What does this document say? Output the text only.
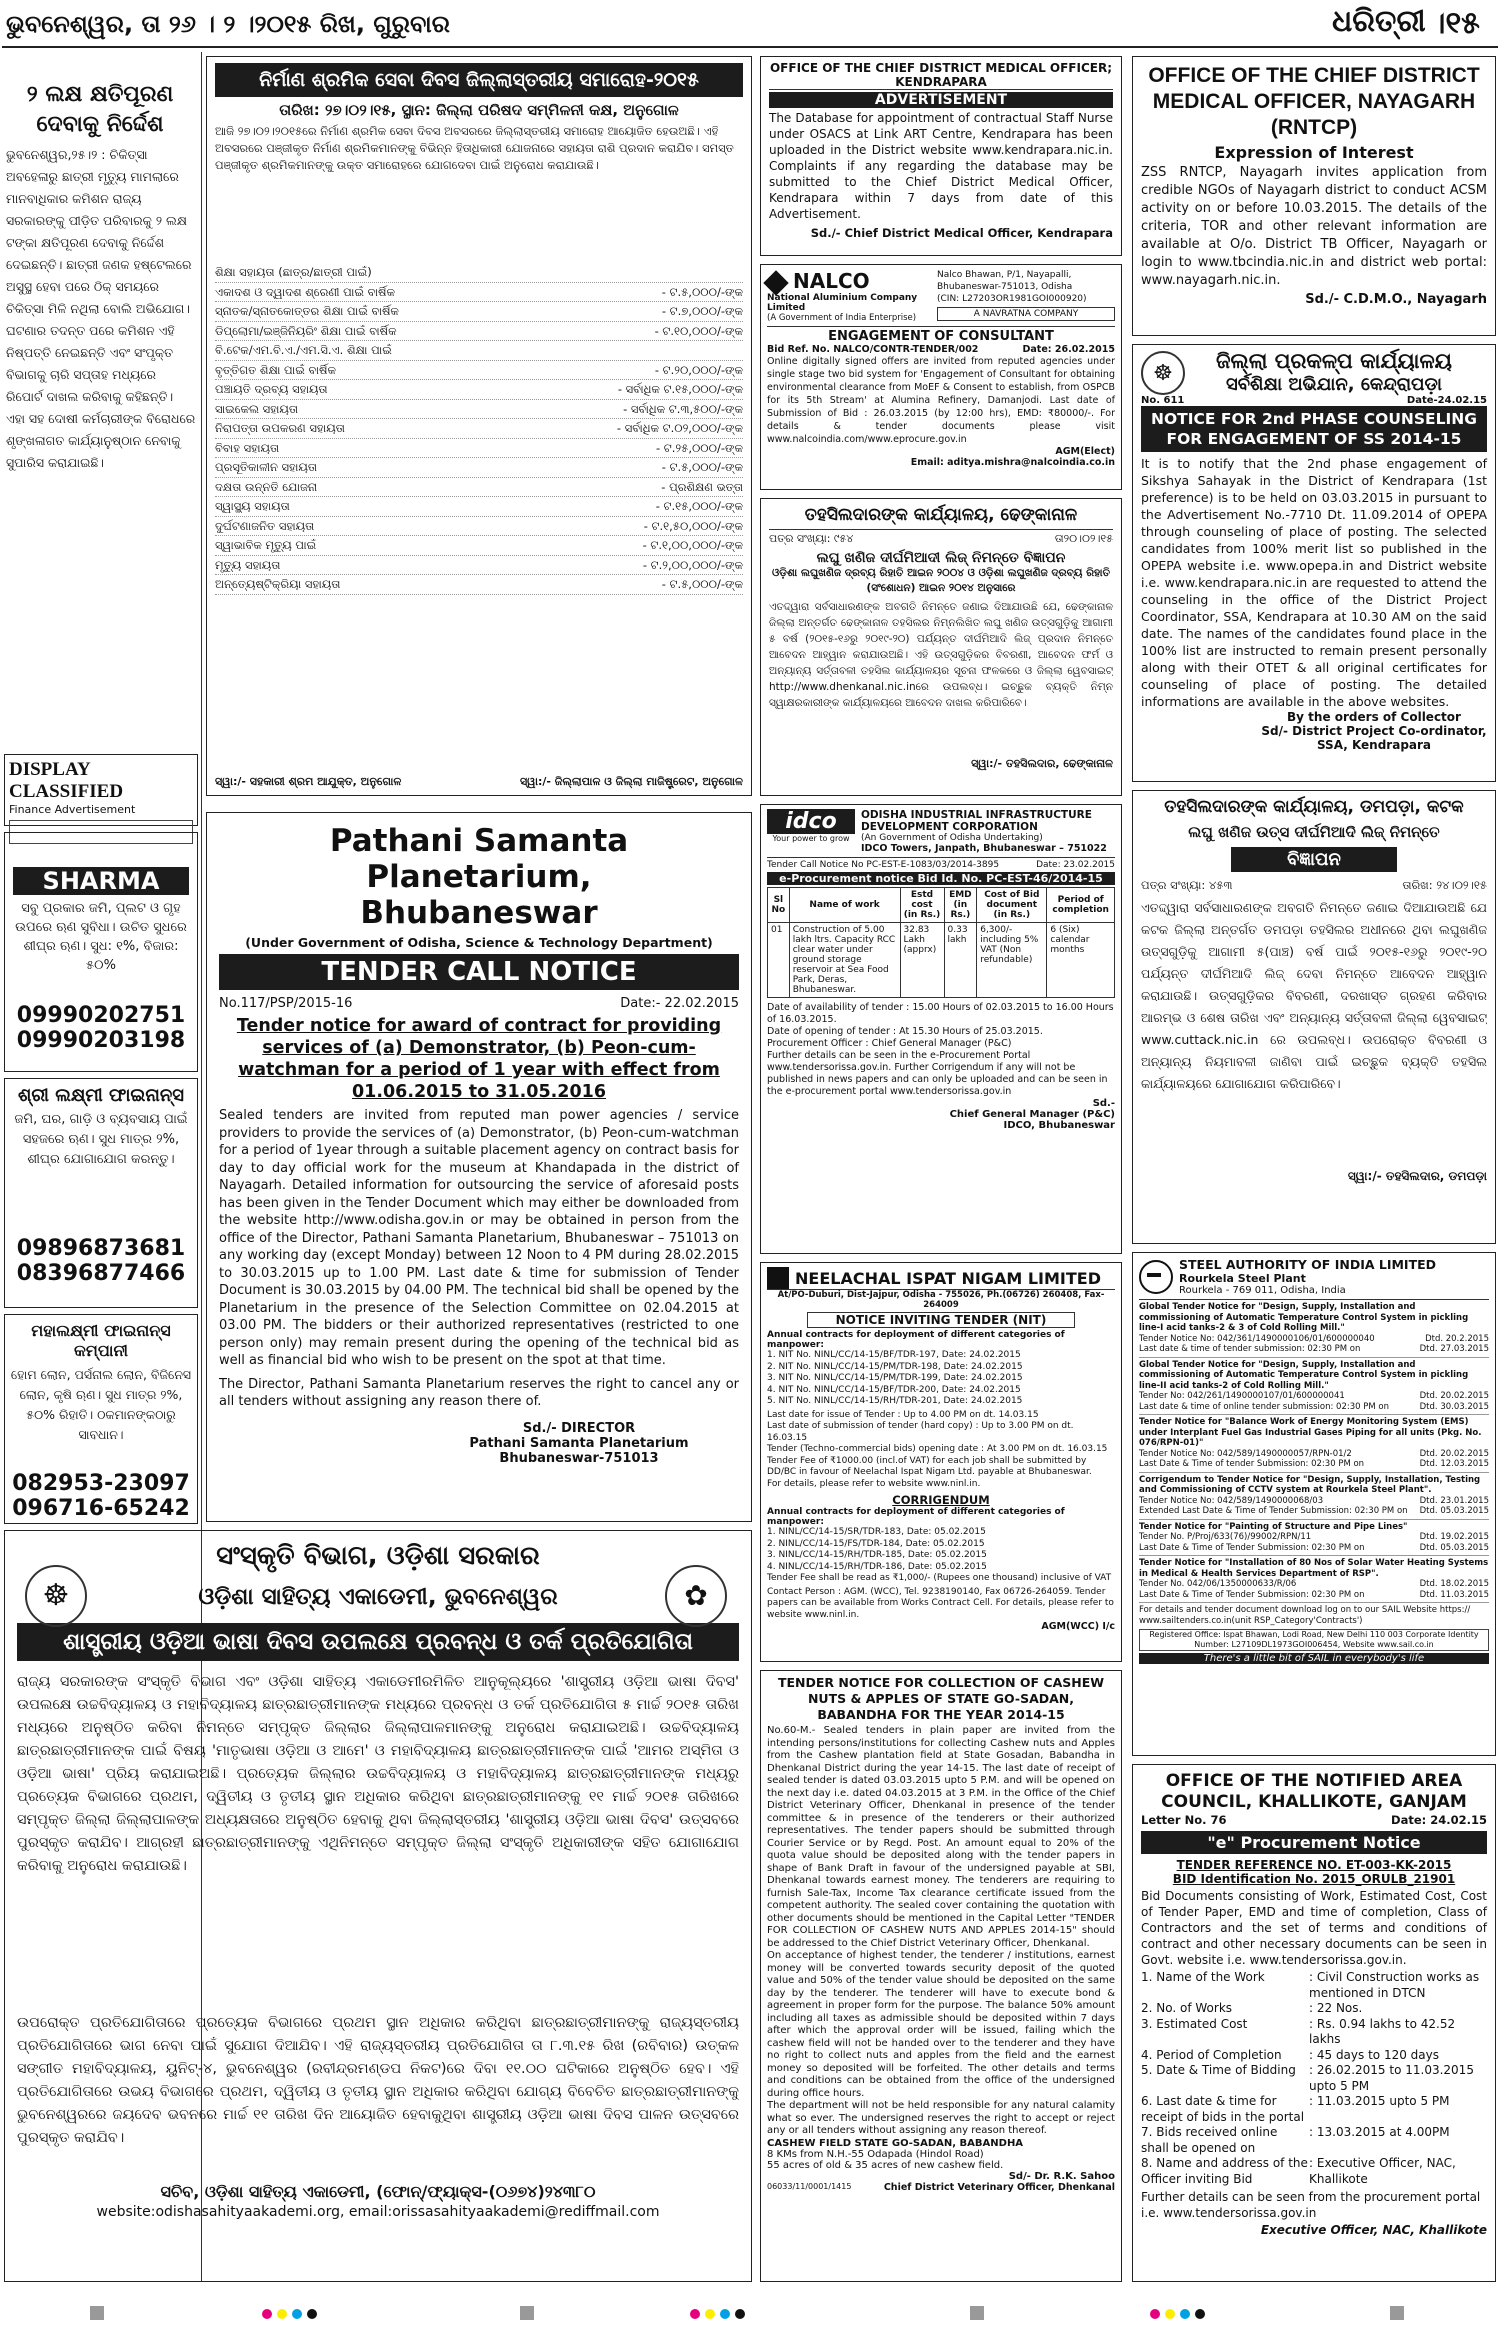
ଭୁବନେଶ୍ୱର, ତା ୨୬ । ୨ ।୨୦୧୫ ରିଖ, ଗୁରୁବାର	ଧରିତ୍ରୀ ।୧୫
୨ ଲକ୍ଷ କ୍ଷତିପୂରଣ
ଦେବାକୁ ନିର୍ଦ୍ଦେଶ
ଭୁବନେଶ୍ୱର,୨୫।୨ : ଚିକିତ୍ସା ଅବହେଳାରୁ ଛାତ୍ରୀ ମୃତ୍ୟୁ ମାମଲାରେ ମାନବାଧିକାର କମିଶନ ରାଜ୍ୟ ସରକାରଙ୍କୁ ପୀଡ଼ିତ ପରିବାରକୁ ୨ ଲକ୍ଷ ଟଙ୍କା କ୍ଷତିପୂରଣ ଦେବାକୁ ନିର୍ଦ୍ଦେଶ ଦେଇଛନ୍ତି। ଛାତ୍ରୀ ଜଣକ ହଷ୍ଟେଲରେ ଅସୁସ୍ଥ ହେବା ପରେ ଠିକ୍ ସମୟରେ ଚିକିତ୍ସା ମିଳି ନଥିଲା ବୋଲି ଅଭିଯୋଗ। ଘଟଣାର ତଦନ୍ତ ପରେ କମିଶନ ଏହି ନିଷ୍ପତ୍ତି ନେଇଛନ୍ତି ଏବଂ ସଂପୃକ୍ତ ବିଭାଗକୁ ଚାରି ସପ୍ତାହ ମଧ୍ୟରେ ରିପୋର୍ଟ ଦାଖଲ କରିବାକୁ କହିଛନ୍ତି। ଏହା ସହ ଦୋଷୀ କର୍ମଚାରୀଙ୍କ ବିରୋଧରେ ଶୃଙ୍ଖଳାଗତ କାର୍ଯ୍ୟାନୁଷ୍ଠାନ ନେବାକୁ ସୁପାରିସ କରାଯାଇଛି।
DISPLAY CLASSIFIED
Finance Advertisement
SHARMA
ସବୁ ପ୍ରକାର ଜମି, ପ୍ଲଟ ଓ ଗୃହ ଉପରେ ଋଣ ସୁବିଧା। ଉଚିତ ସୁଧରେ ଶୀଘ୍ର ଋଣ। ସୁଧ: ୧%, ବିଜାର: ୫୦%
09990202751
09990203198
ଶ୍ରୀ ଲକ୍ଷ୍ମୀ ଫାଇନାନ୍ସ
ଜମି, ଘର, ଗାଡ଼ି ଓ ବ୍ୟବସାୟ ପାଇଁ ସହଜରେ ଋଣ। ସୁଧ ମାତ୍ର ୨%, ଶୀଘ୍ର ଯୋଗାଯୋଗ କରନ୍ତୁ।
09896873681
08396877466
ମହାଲକ୍ଷ୍ମୀ ଫାଇନାନ୍ସ କମ୍ପାନୀ
ହୋମ ଲୋନ, ପର୍ସନାଲ ଲୋନ, ବିଜିନେସ ଲୋନ, କୃଷି ଋଣ। ସୁଧ ମାତ୍ର ୨%, ୫୦% ରିହାତି। ଠକମାନଙ୍କଠାରୁ ସାବଧାନ।
082953-23097
096716-65242
ନିର୍ମାଣ ଶ୍ରମିକ ସେବା ଦିବସ ଜିଲ୍ଲାସ୍ତରୀୟ ସମାରୋହ-୨୦୧୫
ତାରିଖ: ୨୭।୦୨।୧୫, ସ୍ଥାନ: ଜିଲ୍ଲା ପରିଷଦ ସମ୍ମିଳନୀ କକ୍ଷ, ଅନୁଗୋଳ
ଆଜି ୨୭।୦୨।୨୦୧୫ରେ ନିର୍ମାଣ ଶ୍ରମିକ ସେବା ଦିବସ ଅବସରରେ ଜିଲ୍ଲାସ୍ତରୀୟ ସମାରୋହ ଆୟୋଜିତ ହେଉଅଛି। ଏହି ଅବସରରେ ପଞ୍ଜୀକୃତ ନିର୍ମାଣ ଶ୍ରମିକମାନଙ୍କୁ ବିଭିନ୍ନ ହିତାଧିକାରୀ ଯୋଜନାରେ ସହାୟତା ରାଶି ପ୍ରଦାନ କରାଯିବ। ସମସ୍ତ ପଞ୍ଜୀକୃତ ଶ୍ରମିକମାନଙ୍କୁ ଉକ୍ତ ସମାରୋହରେ ଯୋଗଦେବା ପାଇଁ ଅନୁରୋଧ କରାଯାଉଛି।
ଶିକ୍ଷା ସହାୟତା (ଛାତ୍ର/ଛାତ୍ରୀ ପାଇଁ)
ଏକାଦଶ ଓ ଦ୍ୱାଦଶ ଶ୍ରେଣୀ ପାଇଁ ବାର୍ଷିକ	- ଟ.୫,୦୦୦/-ଙ୍କ
ସ୍ନାତକ/ସ୍ନାତକୋତ୍ତର ଶିକ୍ଷା ପାଇଁ ବାର୍ଷିକ	- ଟ.୭,୦୦୦/-ଙ୍କ
ଡିପ୍ଲୋମା/ଇଞ୍ଜିନିୟରିଂ ଶିକ୍ଷା ପାଇଁ ବାର୍ଷିକ	- ଟ.୧୦,୦୦୦/-ଙ୍କ
ବି.ଟେକ/ଏମ.ବି.ଏ./ଏମ.ସି.ଏ. ଶିକ୍ଷା ପାଇଁ
ବୃତ୍ତିଗତ ଶିକ୍ଷା ପାଇଁ ବାର୍ଷିକ	- ଟ.୨୦,୦୦୦/-ଙ୍କ
ପଞ୍ଚାୟତି ଦ୍ରବ୍ୟ ସହାୟତା	- ସର୍ବାଧିକ ଟ.୧୫,୦୦୦/-ଙ୍କ
ସାଇକେଲ ସହାୟତା	- ସର୍ବାଧିକ ଟ.୩,୫୦୦/-ଙ୍କ
ନିରାପତ୍ତା ଉପକରଣ ସହାୟତା	- ସର୍ବାଧିକ ଟ.୦୨,୦୦୦/-ଙ୍କ
ବିବାହ ସହାୟତା	- ଟ.୨୫,୦୦୦/-ଙ୍କ
ପ୍ରସୂତିକାଳୀନ ସହାୟତା	- ଟ.୫,୦୦୦/-ଙ୍କ
ଦକ୍ଷତା ଉନ୍ନତି ଯୋଜନା	- ପ୍ରଶିକ୍ଷଣ ଭତ୍ତା
ସ୍ୱାସ୍ଥ୍ୟ ସହାୟତା	- ଟ.୧୫,୦୦୦/-ଙ୍କ
ଦୁର୍ଘଟଣାଜନିତ ସହାୟତା	- ଟ.୧,୫୦,୦୦୦/-ଙ୍କ
ସ୍ୱାଭାବିକ ମୃତ୍ୟୁ ପାଇଁ	- ଟ.୧,୦୦,୦୦୦/-ଙ୍କ
ମୃତ୍ୟୁ ସହାୟତା	- ଟ.୨,୦୦,୦୦୦/-ଙ୍କ
ଅନ୍ତ୍ୟେଷ୍ଟିକ୍ରିୟା ସହାୟତା	- ଟ.୫,୦୦୦/-ଙ୍କ
ସ୍ୱା:/- ସହକାରୀ ଶ୍ରମ ଆଯୁକ୍ତ, ଅନୁଗୋଳ	ସ୍ୱା:/- ଜିଲ୍ଲାପାଳ ଓ ଜିଲ୍ଲା ମାଜିଷ୍ଟ୍ରେଟ, ଅନୁଗୋଳ
Pathani Samanta Planetarium,
Bhubaneswar
(Under Government of Odisha, Science & Technology Department)
TENDER CALL NOTICE
No.117/PSP/2015-16	Date:- 22.02.2015
Tender notice for award of contract for providing services of (a) Demonstrator, (b) Peon-cum-watchman for a period of 1 year with effect from 01.06.2015 to 31.05.2016
Sealed tenders are invited from reputed man power agencies / service providers to provide the services of (a) Demonstrator, (b) Peon-cum-watchman for a period of 1year through a suitable placement agency on contract basis for day to day official work for the museum at Khandapada in the district of Nayagarh. Detailed information for outsourcing the service of aforesaid posts has been given in the Tender Document which may either be downloaded from the website http://www.odisha.gov.in or may be obtained in person from the office of the Director, Pathani Samanta Planetarium, Bhubaneswar – 751013 on any working day (except Monday) between 12 Noon to 4 PM during 28.02.2015 to 30.03.2015 up to 1.00 PM. Last date & time for submission of Tender Document is 30.03.2015 by 04.00 PM. The technical bid shall be opened by the Planetarium in the presence of the Selection Committee on 02.04.2015 at 03.00 PM. The bidders or their authorized representatives (restricted to one person only) may remain present during the opening of the technical bid as well as financial bid who wish to be present on the spot at that time.
The Director, Pathani Samanta Planetarium reserves the right to cancel any or all tenders without assigning any reason there of.
Sd./- DIRECTOR
Pathani Samanta Planetarium
Bhubaneswar-751013
☸	✿
ସଂସ୍କୃତି ବିଭାଗ, ଓଡ଼ିଶା ସରକାର
ଓଡ଼ିଶା ସାହିତ୍ୟ ଏକାଡେମୀ, ଭୁବନେଶ୍ୱର
ଶାସ୍ତ୍ରୀୟ ଓଡ଼ିଆ ଭାଷା ଦିବସ ଉପଲକ୍ଷେ ପ୍ରବନ୍ଧ ଓ ତର୍କ ପ୍ରତିଯୋଗିତା
ରାଜ୍ୟ ସରକାରଙ୍କ ସଂସ୍କୃତି ବିଭାଗ ଏବଂ ଓଡ଼ିଶା ସାହିତ୍ୟ ଏକାଡେମୀରମିଳିତ ଆନୁକୂଲ୍ୟରେ 'ଶାସ୍ତ୍ରୀୟ ଓଡ଼ିଆ ଭାଷା ଦିବସ' ଉପଲକ୍ଷେ ଉଚ୍ଚବିଦ୍ୟାଳୟ ଓ ମହାବିଦ୍ୟାଳୟ ଛାତ୍ରଛାତ୍ରୀମାନଙ୍କ ମଧ୍ୟରେ ପ୍ରବନ୍ଧ ଓ ତର୍କ ପ୍ରତିଯୋଗିତା ୫ ମାର୍ଚ୍ଚ ୨୦୧୫ ତାରିଖ ମଧ୍ୟରେ ଅନୁଷ୍ଠିତ କରିବା ନିମନ୍ତେ ସମ୍ପୃକ୍ତ ଜିଲ୍ଲାର ଜିଲ୍ଲାପାଳମାନଙ୍କୁ ଅନୁରୋଧ କରାଯାଇଅଛି। ଉଚ୍ଚବିଦ୍ୟାଳୟ ଛାତ୍ରଛାତ୍ରୀମାନଙ୍କ ପାଇଁ ବିଷୟ 'ମାତୃଭାଷା ଓଡ଼ିଆ ଓ ଆମେ' ଓ ମହାବିଦ୍ୟାଳୟ ଛାତ୍ରଛାତ୍ରୀମାନଙ୍କ ପାଇଁ 'ଆମର ଅସ୍ମିତା ଓ ଓଡ଼ିଆ ଭାଷା' ପ୍ରିୟ କରାଯାଇଅଛି। ପ୍ରତ୍ୟେକ ଜିଲ୍ଲାର ଉଚ୍ଚବିଦ୍ୟାଳୟ ଓ ମହାବିଦ୍ୟାଳୟ ଛାତ୍ରଛାତ୍ରୀମାନଙ୍କ ମଧ୍ୟରୁ ପ୍ରତ୍ୟେକ ବିଭାଗରେ ପ୍ରଥମ, ଦ୍ୱିତୀୟ ଓ ତୃତୀୟ ସ୍ଥାନ ଅଧିକାର କରିଥିବା ଛାତ୍ରଛାତ୍ରୀମାନଙ୍କୁ ୧୧ ମାର୍ଚ୍ଚ ୨୦୧୫ ତାରିଖରେ ସମ୍ପୃକ୍ତ ଜିଲ୍ଲା ଜିଲ୍ଲାପାଳଙ୍କ ଅଧ୍ୟକ୍ଷତାରେ ଅନୁଷ୍ଠିତ ହେବାକୁ ଥିବା ଜିଲ୍ଲାସ୍ତରୀୟ 'ଶାସ୍ତ୍ରୀୟ ଓଡ଼ିଆ ଭାଷା ଦିବସ' ଉତ୍ସବରେ ପୁରସ୍କୃତ କରାଯିବ। ଆଗ୍ରହୀ ଛାତ୍ରଛାତ୍ରୀମାନଙ୍କୁ ଏଥିନିମନ୍ତେ ସମ୍ପୃକ୍ତ ଜିଲ୍ଲା ସଂସ୍କୃତି ଅଧିକାରୀଙ୍କ ସହିତ ଯୋଗାଯୋଗ କରିବାକୁ ଅନୁରୋଧ କରାଯାଉଛି।
ଉପରୋକ୍ତ ପ୍ରତିଯୋଗିତାରେ ପ୍ରତ୍ୟେକ ବିଭାଗରେ ପ୍ରଥମ ସ୍ଥାନ ଅଧିକାର କରିଥିବା ଛାତ୍ରଛାତ୍ରୀମାନଙ୍କୁ ରାଜ୍ୟସ୍ତରୀୟ ପ୍ରତିଯୋଗିତାରେ ଭାଗ ନେବା ପାଇଁ ସୁଯୋଗ ଦିଆଯିବ। ଏହି ରାଜ୍ୟସ୍ତରୀୟ ପ୍ରତିଯୋଗିତା ତା ୮.୩.୧୫ ରିଖ (ରବିବାର) ଉତ୍କଳ ସଙ୍ଗୀତ ମହାବିଦ୍ୟାଳୟ, ୟୁନିଟ୍-୪, ଭୁବନେଶ୍ୱର (ରବୀନ୍ଦ୍ରମଣ୍ଡପ ନିକଟ)ରେ ଦିବା ୧୧.୦୦ ଘଟିକାରେ ଅନୁଷ୍ଠିତ ହେବ। ଏହି ପ୍ରତିଯୋଗିତାରେ ଉଭୟ ବିଭାଗରେ ପ୍ରଥମ, ଦ୍ୱିତୀୟ ଓ ତୃତୀୟ ସ୍ଥାନ ଅଧିକାର କରିଥିବା ଯୋଗ୍ୟ ବିବେଚିତ ଛାତ୍ରଛାତ୍ରୀମାନଙ୍କୁ ଭୁବନେଶ୍ୱରରେ ଜୟଦେବ ଭବନରେ ମାର୍ଚ୍ଚ ୧୧ ତାରିଖ ଦିନ ଆୟୋଜିତ ହେବାକୁଥିବା ଶାସ୍ତ୍ରୀୟ ଓଡ଼ିଆ ଭାଷା ଦିବସ ପାଳନ ଉତ୍ସବରେ ପୁରସ୍କୃତ କରାଯିବ।
ସଚିବ, ଓଡ଼ିଶା ସାହିତ୍ୟ ଏକାଡେମୀ, (ଫୋନ୍/ଫ୍ୟାକ୍ସ-(୦୬୭୪)୨୪୩୮୦
website:odishasahityaakademi.org, email:orissasahityaakademi@rediffmail.com
OFFICE OF THE CHIEF DISTRICT MEDICAL OFFICER; KENDRAPARA
ADVERTISEMENT
The Database for appointment of contractual Staff Nurse under OSACS at Link ART Centre, Kendrapara has been uploaded in the District website www.kendrapara.nic.in. Complaints if any regarding the database may be submitted to the Chief District Medical Officer, Kendrapara within 7 days from date of this Advertisement.
Sd./- Chief District Medical Officer, Kendrapara
NALCO
National Aluminium Company Limited
(A Government of India Enterprise)
Nalco Bhawan, P/1, Nayapalli, Bhubaneswar-751013, Odisha
(CIN: L27203OR1981GOI000920)
A NAVRATNA COMPANY
ENGAGEMENT OF CONSULTANT
Bid Ref. No. NALCO/CONTR-TENDER/002	Date: 26.02.2015
Online digitally signed offers are invited from reputed agencies under single stage two bid system for 'Engagement of Consultant for obtaining environmental clearance from MoEF & Consent to establish, from OSPCB for its 5th Stream' at Alumina Refinery, Damanjodi. Last date of Submission of Bid : 26.03.2015 (by 12:00 hrs), EMD: ₹80000/-. For details & tender documents please visit www.nalcoindia.com/www.eprocure.gov.in
AGM(Elect)
Email: aditya.mishra@nalcoindia.co.in
ତହସିଲଦାରଙ୍କ କାର୍ଯ୍ୟାଳୟ, ଢେଙ୍କାନାଳ
ପତ୍ର ସଂଖ୍ୟା: ୯୫୪	ତା୨୦।୦୨।୧୫
ଲଘୁ ଖଣିଜ ଦୀର୍ଘମିଆଦୀ ଲିଜ୍ ନିମନ୍ତେ ବିଜ୍ଞାପନ
ଓଡ଼ିଶା ଲଘୁଖଣିଜ ଦ୍ରବ୍ୟ ରିହାତି ଆଇନ ୨୦୦୪ ଓ ଓଡ଼ିଶା ଲଘୁଖଣିଜ ଦ୍ରବ୍ୟ ରିହାତି (ସଂଶୋଧନ) ଆଇନ ୨୦୧୪ ଅନୁସାରେ
ଏତଦ୍ଦ୍ୱାରା ସର୍ବସାଧାରଣଙ୍କ ଅବଗତି ନିମନ୍ତେ ଜଣାଇ ଦିଆଯାଉଛି ଯେ, ଢେଙ୍କାନାଳ ଜିଲ୍ଲା ଅନ୍ତର୍ଗତ ଢେଙ୍କାନାଳ ତହସିଲର ନିମ୍ନଲିଖିତ ଲଘୁ ଖଣିଜ ଉତ୍ସଗୁଡ଼ିକୁ ଆଗାମୀ ୫ ବର୍ଷ (୨୦୧୫-୧୬ରୁ ୨୦୧୯-୨୦) ପର୍ଯ୍ୟନ୍ତ ଦୀର୍ଘମିଆଦି ଲିଜ୍ ପ୍ରଦାନ ନିମନ୍ତେ ଆବେଦନ ଆହ୍ୱାନ କରାଯାଉଅଛି। ଏହି ଉତ୍ସଗୁଡ଼ିକର ବିବରଣୀ, ଆବେଦନ ଫର୍ମ ଓ ଅନ୍ୟାନ୍ୟ ସର୍ତ୍ତାବଳୀ ତହସିଲ କାର୍ଯ୍ୟାଳୟର ସୂଚନା ଫଳକରେ ଓ ଜିଲ୍ଲା ୱେବସାଇଟ୍ http://www.dhenkanal.nic.inରେ ଉପଲବ୍ଧ। ଇଚ୍ଛୁକ ବ୍ୟକ୍ତି ନିମ୍ନ ସ୍ୱାକ୍ଷରକାରୀଙ୍କ କାର୍ଯ୍ୟାଳୟରେ ଆବେଦନ ଦାଖଲ କରିପାରିବେ।
ସ୍ୱା:/- ତହସିଲଦାର, ଢେଙ୍କାନାଳ
idco
Your power to grow
ODISHA INDUSTRIAL INFRASTRUCTURE DEVELOPMENT CORPORATION
(An Government of Odisha Undertaking)
IDCO Towers, Janpath, Bhubaneswar – 751022
Tender Call Notice No PC-EST-E-1083/03/2014-3895	Date: 23.02.2015
e-Procurement notice Bid Id. No. PC-EST-46/2014-15
Sl No	Name of work	Estd cost (in Rs.)	EMD (in Rs.)	Cost of Bid document (in Rs.)	Period of completion
01	Construction of 5.00 lakh ltrs. Capacity RCC clear water under ground storage reservoir at Sea Food Park, Deras, Bhubaneswar.	32.83 Lakh (apprx)	0.33 lakh	6,300/- including 5% VAT (Non refundable)	6 (Six) calendar months
Date of availability of tender : 15.00 Hours of 02.03.2015 to 16.00 Hours of 16.03.2015.
Date of opening of tender : At 15.30 Hours of 25.03.2015.
Procurement Officer : Chief General Manager (P&C)
Further details can be seen in the e-Procurement Portal www.tendersorissa.gov.in. Further Corrigendum if any will not be published in news papers and can only be uploaded and can be seen in the e-procurement portal www.tendersorissa.gov.in
Sd.-
Chief General Manager (P&C)
IDCO, Bhubaneswar
NEELACHAL ISPAT NIGAM LIMITED
At/PO-Duburi, Dist-Jajpur, Odisha - 755026, Ph.(06726) 260408, Fax- 264009
NOTICE INVITING TENDER (NIT)
Annual contracts for deployment of different categories of manpower:
1. NIT No. NINL/CC/14-15/BF/TDR-197, Date: 24.02.2015
2. NIT No. NINL/CC/14-15/PM/TDR-198, Date: 24.02.2015
3. NIT No. NINL/CC/14-15/PM/TDR-199, Date: 24.02.2015
4. NIT No. NINL/CC/14-15/BF/TDR-200, Date: 24.02.2015
5. NIT No. NINL/CC/14-15/RH/TDR-201, Date: 24.02.2015
Last date for issue of Tender : Up to 4.00 PM on dt. 14.03.15
Last date of submission of tender (hard copy) : Up to 3.00 PM on dt. 16.03.15
Tender (Techno-commercial bids) opening date : At 3.00 PM on dt. 16.03.15
Tender Fee of ₹1000.00 (incl.of VAT) for each job shall be submitted by DD/BC in favour of Neelachal Ispat Nigam Ltd. payable at Bhubaneswar.
For details, please refer to website www.ninl.in.
CORRIGENDUM
Annual contracts for deployment of different categories of manpower:
1. NINL/CC/14-15/SR/TDR-183, Date: 05.02.2015
2. NINL/CC/14-15/FS/TDR-184, Date: 05.02.2015
3. NINL/CC/14-15/RH/TDR-185, Date: 05.02.2015
4. NINL/CC/14-15/RH/TDR-186, Date: 05.02.2015
Tender Fee shall be read as ₹1,000/- (Rupees one thousand) inclusive of VAT
Contact Person : AGM. (WCC), Tel. 9238190140, Fax 06726-264059. Tender papers can be available from Works Contract Cell. For details, please refer to website www.ninl.in.
AGM(WCC) I/c
TENDER NOTICE FOR COLLECTION OF CASHEW NUTS & APPLES OF STATE GO-SADAN, BABANDHA FOR THE YEAR 2014-15
No.60-M.- Sealed tenders in plain paper are invited from the intending persons/institutions for collecting Cashew nuts and Apples from the Cashew plantation field at State Gosadan, Babandha in Dhenkanal District during the year 14-15. The last date of receipt of sealed tender is dated 03.03.2015 upto 5 P.M. and will be opened on the next day i.e. dated 04.03.2015 at 3 P.M. in the Office of the Chief District Veterinary Officer, Dhenkanal in presence of the tender committee & in presence of the tenderers or their authorized representatives. The tender papers should be submitted through Courier Service or by Regd. Post. An amount equal to 20% of the quota value should be deposited along with the tender papers in shape of Bank Draft in favour of the undersigned payable at SBI, Dhenkanal towards earnest money. The tenderers are requiring to furnish Sale-Tax, Income Tax clearance certificate issued from the competent authority. The sealed cover containing the quotation with other documents should be mentioned in the Capital Letter "TENDER FOR COLLECTION OF CASHEW NUTS AND APPLES 2014-15" should be addressed to the Chief District Veterinary Officer, Dhenkanal.
On acceptance of highest tender, the tenderer / institutions, earnest money will be converted towards security deposit of the quoted value and 50% of the tender value should be deposited on the same day by the tenderer. The tenderer will have to execute bond & agreement in proper form for the purpose. The balance 50% amount including all taxes as admissible should be deposited within 7 days after which the approval order will be issued, failing which the cashew field will not be handed over to the tenderer and they have no right to collect nuts and apples from the field and the earnest money so deposited will be forfeited. The other details and terms and conditions can be obtained from the office of the undersigned during office hours.
The department will not be held responsible for any natural calamity what so ever. The undersigned reserves the right to accept or reject any or all tenders without assigning any reason thereof.
CASHEW FIELD STATE GO-SADAN, BABANDHA
8 KMs from N.H.-55 Odapada (Hindol Road)
55 acres of old & 35 acres of new cashew field.
Sd/- Dr. R.K. Sahoo
06033/11/0001/1415	Chief District Veterinary Officer, Dhenkanal
OFFICE OF THE CHIEF DISTRICT MEDICAL OFFICER, NAYAGARH (RNTCP)
Expression of Interest
ZSS RNTCP, Nayagarh invites application from credible NGOs of Nayagarh district to conduct ACSM activity on or before 10.03.2015. The details of the criteria, TOR and other relevant information are available at O/o. District TB Officer, Nayagarh or login to www.tbcindia.nic.in and district web portal: www.nayagarh.nic.in.
Sd./- C.D.M.O., Nayagarh
☸	ଜିଲ୍ଲା ପ୍ରକଳ୍ପ କାର୍ଯ୍ୟାଳୟ
ସର୍ବଶିକ୍ଷା ଅଭିଯାନ, କେନ୍ଦ୍ରାପଡ଼ା
No. 611	Date-24.02.15
NOTICE FOR 2nd PHASE COUNSELING FOR ENGAGEMENT OF SS 2014-15
It is to notify that the 2nd phase engagement of Sikshya Sahayak in the District of Kendrapara (1st preference) is to be held on 03.03.2015 in pursuant to the Advertisement No.-7710 Dt. 11.09.2014 of OPEPA through counseling of place of posting. The selected candidates from 100% merit list so published in the OPEPA website i.e. www.opepa.in and District website i.e. www.kendrapara.nic.in are requested to attend the counseling in the office of the District Project Coordinator, SSA, Kendrapara at 10.30 AM on the said date. The names of the candidates found place in the 100% list are instructed to remain present personally along with their OTET & all original certificates for counseling of place of posting. The detailed informations are available in the above websites.
By the orders of Collector
Sd/- District Project Co-ordinator,
SSA, Kendrapara
ତହସିଲଦାରଙ୍କ କାର୍ଯ୍ୟାଳୟ, ଡମପଡ଼ା, କଟକ
ଲଘୁ ଖଣିଜ ଉତ୍ସ ଦୀର୍ଘମିଆଦି ଲିଜ୍ ନିମନ୍ତେ
ବିଜ୍ଞାପନ
ପତ୍ର ସଂଖ୍ୟା: ୪୫୩	ତାରିଖ: ୨୪।୦୨।୧୫
ଏତଦ୍ଦ୍ୱାରା ସର୍ବସାଧାରଣଙ୍କ ଅବଗତି ନିମନ୍ତେ ଜଣାଇ ଦିଆଯାଉଅଛି ଯେ କଟକ ଜିଲ୍ଲା ଅନ୍ତର୍ଗତ ଡମପଡ଼ା ତହସିଲର ଅଧୀନରେ ଥିବା ଲଘୁଖଣିଜ ଉତ୍ସଗୁଡ଼ିକୁ ଆଗାମୀ ୫(ପାଞ୍ଚ) ବର୍ଷ ପାଇଁ ୨୦୧୫-୧୬ରୁ ୨୦୧୯-୨୦ ପର୍ଯ୍ୟନ୍ତ ଦୀର୍ଘମିଆଦି ଲିଜ୍ ଦେବା ନିମନ୍ତେ ଆବେଦନ ଆହ୍ୱାନ କରାଯାଉଛି। ଉତ୍ସଗୁଡ଼ିକର ବିବରଣୀ, ଦରଖାସ୍ତ ଗ୍ରହଣ କରିବାର ଆରମ୍ଭ ଓ ଶେଷ ତାରିଖ ଏବଂ ଅନ୍ୟାନ୍ୟ ସର୍ତ୍ତାବଳୀ ଜିଲ୍ଲା ୱେବସାଇଟ୍ www.cuttack.nic.in ରେ ଉପଲବ୍ଧ। ଉପରୋକ୍ତ ବିବରଣୀ ଓ ଅନ୍ୟାନ୍ୟ ନିୟମାବଳୀ ଜାଣିବା ପାଇଁ ଇଚ୍ଛୁକ ବ୍ୟକ୍ତି ତହସିଲ କାର୍ଯ୍ୟାଳୟରେ ଯୋଗାଯୋଗ କରିପାରିବେ।
ସ୍ୱା:/- ତହସିଲଦାର, ଡମପଡ଼ା
STEEL AUTHORITY OF INDIA LIMITED
Rourkela Steel Plant
Rourkela - 769 011, Odisha, India
Global Tender Notice for "Design, Supply, Installation and commissioning of Automatic Temperature Control System in pickling line-I acid tanks-2 & 3 of Cold Rolling Mill."
Tender Notice No: 042/361/1490000106/01/600000040	Dtd. 20.2.2015
Last date & time of tender submission: 02:30 PM on	Dtd. 27.03.2015
Global Tender Notice for "Design, Supply, Installation and commissioning of Automatic Temperature Control System in pickling line-II acid tanks-2 of Cold Rolling Mill."
Tender No: 042/261/1490000107/01/600000041	Dtd. 20.02.2015
Last date & time of online tender submission: 02:30 PM on	Dtd. 30.03.2015
Tender Notice for "Balance Work of Energy Monitoring System (EMS) under Interplant Fuel Gas Industrial Gases Piping for all units (Pkg. No. 076/RPN-01)"
Tender Notice No: 042/589/1490000057/RPN-01/2	Dtd. 20.02.2015
Last Date & Time of tender Submission: 02:30 PM on	Dtd. 12.03.2015
Corrigendum to Tender Notice for "Design, Supply, Installation, Testing and Commissioning of CCTV system at Rourkela Steel Plant".
Tender Notice No: 042/589/1490000068/03	Dtd. 23.01.2015
Extended Last Date & Time of Tender Submission: 02:30 PM on Dtd. 05.03.2015
Tender Notice for "Painting of Structure and Pipe Lines"
Tender No. P/Proj/633(76)/99002/RPN/11	Dtd. 19.02.2015
Last Date & Time of Tender Submission: 02:30 PM on	Dtd. 05.03.2015
Tender Notice for "Installation of 80 Nos of Solar Water Heating Systems in Medical & Health Services Department of RSP".
Tender No. 042/06/1350000633/R/06	Dtd. 18.02.2015
Last Date & Time of Tender Submission: 02:30 PM on	Dtd. 11.03.2015
For details and tender document download log on to our SAIL Website https:// www.sailtenders.co.in(unit RSP_Category'Contracts')
Registered Office: Ispat Bhawan, Lodi Road, New Delhi 110 003 Corporate Identity Number: L27109DL1973GOI006454, Website www.sail.co.in
There's a little bit of SAIL in everybody's life
OFFICE OF THE NOTIFIED AREA COUNCIL, KHALLIKOTE, GANJAM
Letter No. 76	Date: 24.02.15
"e" Procurement Notice
TENDER REFERENCE NO. ET-003-KK-2015
BID Identification No. 2015_ORULB_21901
Bid Documents consisting of Work, Estimated Cost, Cost of Tender Paper, EMD and time of completion, Class of Contractors and the set of terms and conditions of contract and other necessary documents can be seen in Govt. website i.e. www.tendersorissa.gov.in.
1. Name of the Work	: Civil Construction works as mentioned in DTCN
2. No. of Works	: 22 Nos.
3. Estimated Cost	: Rs. 0.94 lakhs to 42.52 lakhs
4. Period of Completion	: 45 days to 120 days
5. Date & Time of Bidding	: 26.02.2015 to 11.03.2015 upto 5 PM
6. Last date & time for receipt of bids in the portal
: 11.03.2015 upto 5 PM
7. Bids received online shall be opened on
: 13.03.2015 at 4.00PM
8. Name and address of the Officer inviting Bid
: Executive Officer, NAC, Khallikote
Further details can be seen from the procurement portal i.e. www.tendersorissa.gov.in
Executive Officer, NAC, Khallikote
